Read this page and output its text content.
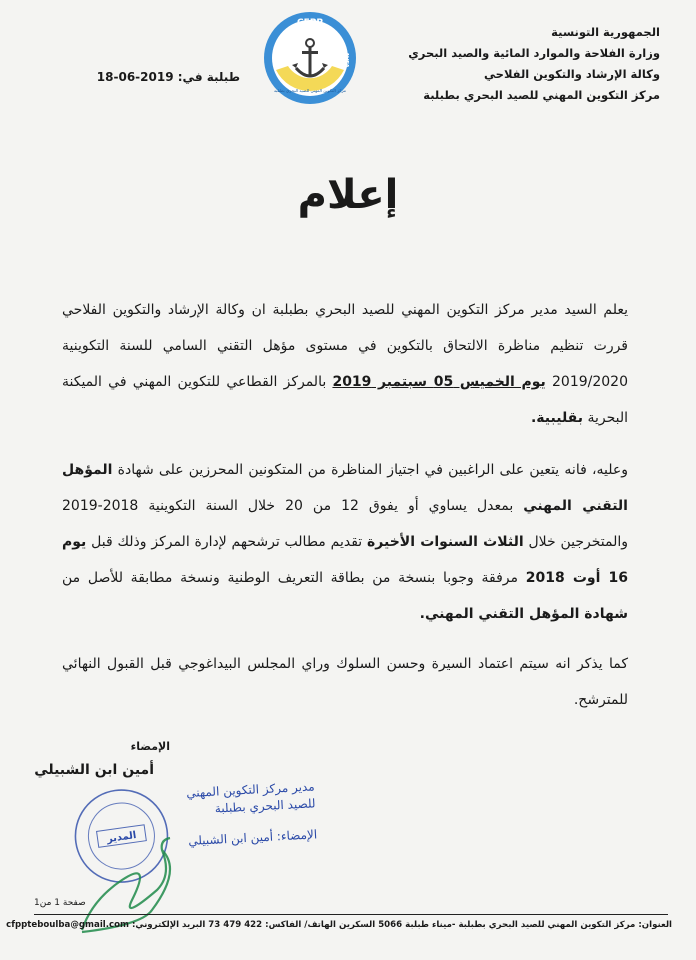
الجمهورية التونسية
وزارة الفلاحة والموارد المائية والصيد البحري
وكالة الإرشاد والتكوين الفلاحي
مركز التكوين المهني للصيد البحري بطبلبة
CFPP
TEBOULBA
AVFA
مركز التكوين المهني للصيد البحري بطبلبة
طبلبة في: 18-06-2019
إعلام
يعلم السيد مدير مركز التكوين المهني للصيد البحري بطبلبة ان وكالة الإرشاد والتكوين الفلاحي قررت تنظيم مناظرة الالتحاق بالتكوين في مستوى مؤهل التقني السامي للسنة التكوينية 2019/2020 يوم الخميس 05 سبتمبر 2019 بالمركز القطاعي للتكوين المهني في الميكنة البحرية بقليبية.
وعليه، فانه يتعين على الراغبين في اجتياز المناظرة من المتكونين المحرزين على شهادة المؤهل التقني المهني بمعدل يساوي أو يفوق 12 من 20 خلال السنة التكوينية 2018-2019 والمتخرجين خلال الثلاث السنوات الأخيرة تقديم مطالب ترشحهم لإدارة المركز وذلك قبل يوم 16 أوت 2018 مرفقة وجوبا بنسخة من بطاقة التعريف الوطنية ونسخة مطابقة للأصل من شهادة المؤهل التقني المهني.
كما يذكر انه سيتم اعتماد السيرة وحسن السلوك وراي المجلس البيداغوجي قبل القبول النهائي للمترشح.
الإمضاء
أمين ابن الشبيلي
المدير
مدير مركز التكوين المهني
للصيد البحري بطبلبة
الإمضاء: أمين ابن الشبيلي
صفحة 1 من1
العنوان: مركز التكوين المهني للصيد البحري بطبلبة -ميناء طبلبة 5066 السكرين الهاتف/ الفاكس: 422 479 73 البريد الإلكتروني: cfppteboulba@gmail.com
